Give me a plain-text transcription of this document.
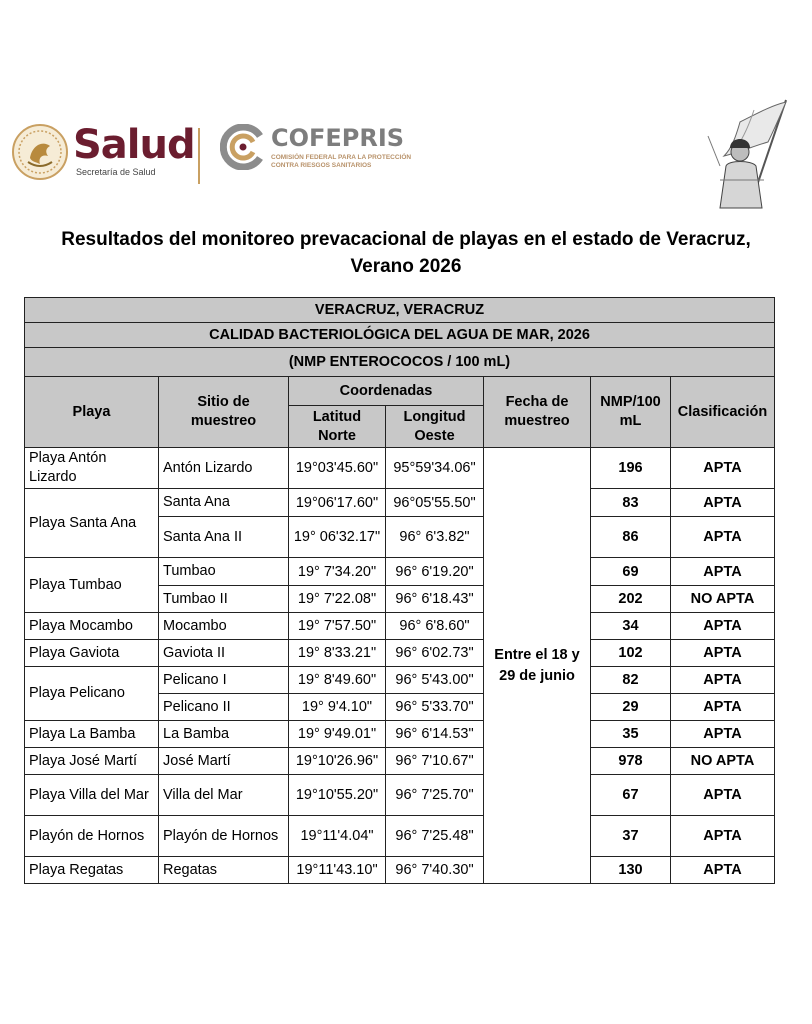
Salud
Secretaría de Salud
COFEPRIS
COMISIÓN FEDERAL PARA LA PROTECCIÓN
CONTRA RIESGOS SANITARIOS
Resultados del monitoreo prevacacional de playas en el estado de Veracruz,
Verano 2026
VERACRUZ, VERACRUZ						
CALIDAD BACTERIOLÓGICA DEL AGUA DE MAR, 2026						
(NMP ENTEROCOCOS / 100 mL)						
Playa	Sitio de muestreo	Coordenadas		Fecha de muestreo	NMP/100 mL	Clasificación
		Latitud Norte	Longitud Oeste			
Playa Antón Lizardo	Antón Lizardo	19°03'45.60"	95°59'34.06"	Entre el 18 y 29 de junio	196	APTA
Playa Santa Ana	Santa Ana	19°06'17.60"	96°05'55.50"		83	APTA
	Santa Ana II	19° 06'32.17"	96° 6'3.82"		86	APTA
Playa Tumbao	Tumbao	19° 7'34.20"	96° 6'19.20"		69	APTA
	Tumbao II	19° 7'22.08"	96° 6'18.43"		202	NO APTA
Playa Mocambo	Mocambo	19° 7'57.50"	96° 6'8.60"		34	APTA
Playa Gaviota	Gaviota II	19° 8'33.21"	96° 6'02.73"		102	APTA
Playa Pelicano	Pelicano I	19° 8'49.60"	96° 5'43.00"		82	APTA
	Pelicano II	19° 9'4.10"	96° 5'33.70"		29	APTA
Playa La Bamba	La Bamba	19° 9'49.01"	96° 6'14.53"		35	APTA
Playa José Martí	José Martí	19°10'26.96"	96° 7'10.67"		978	NO APTA
Playa Villa del Mar	Villa del Mar	19°10'55.20"	96° 7'25.70"		67	APTA
Playón de Hornos	Playón de Hornos	19°11'4.04"	96° 7'25.48"		37	APTA
Playa Regatas	Regatas	19°11'43.10"	96° 7'40.30"		130	APTA
